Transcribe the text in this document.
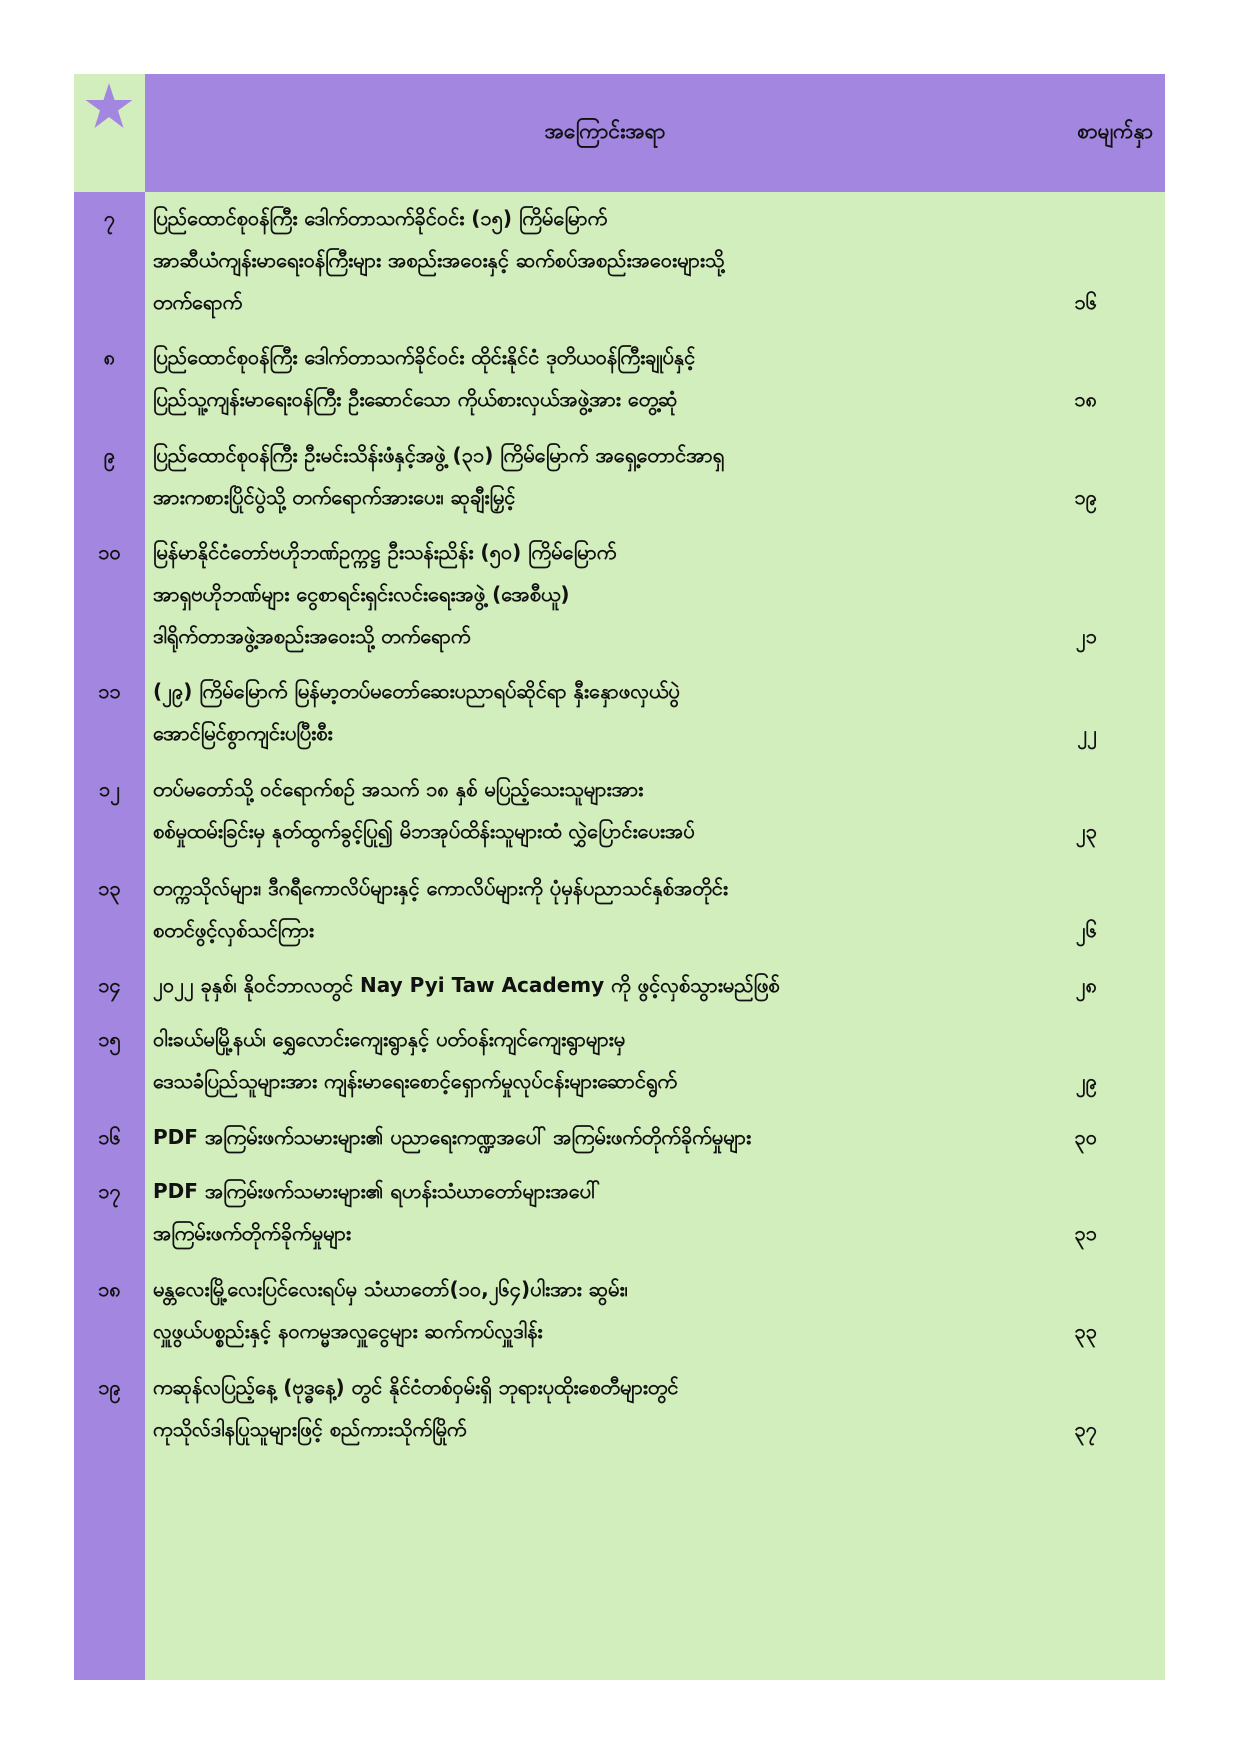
အကြောင်းအရာ	စာမျက်နှာ
၇	ပြည်ထောင်စုဝန်ကြီး ဒေါက်တာသက်ခိုင်ဝင်း (၁၅) ကြိမ်မြောက်
အာဆီယံကျန်းမာရေးဝန်ကြီးများ အစည်းအဝေးနှင့် ဆက်စပ်အစည်းအဝေးများသို့
တက်ရောက်	၁၆
၈	ပြည်ထောင်စုဝန်ကြီး ဒေါက်တာသက်ခိုင်ဝင်း ထိုင်းနိုင်ငံ ဒုတိယဝန်ကြီးချုပ်နှင့်
ပြည်သူ့ကျန်းမာရေးဝန်ကြီး ဦးဆောင်သော ကိုယ်စားလှယ်အဖွဲ့အား တွေ့ဆုံ	၁၈
၉	ပြည်ထောင်စုဝန်ကြီး ဦးမင်းသိန်းဖံနှင့်အဖွဲ့ (၃၁) ကြိမ်မြောက် အရှေ့တောင်အာရှ
အားကစားပြိုင်ပွဲသို့ တက်ရောက်အားပေး၊ ဆုချီးမြှင့်	၁၉
၁၀	မြန်မာနိုင်ငံတော်ဗဟိုဘဏ်ဥက္ကဋ္ဌ ဦးသန်းညိန်း (၅၀) ကြိမ်မြောက်
အာရှဗဟိုဘဏ်များ ငွေစာရင်းရှင်းလင်းရေးအဖွဲ့ (အေစီယူ)
ဒါရိုက်တာအဖွဲ့အစည်းအဝေးသို့ တက်ရောက်	၂၁
၁၁	(၂၉) ကြိမ်မြောက် မြန်မာ့တပ်မတော်ဆေးပညာရပ်ဆိုင်ရာ နှီးနှောဖလှယ်ပွဲ
အောင်မြင်စွာကျင်းပပြီးစီး	၂၂
၁၂	တပ်မတော်သို့ ဝင်ရောက်စဉ် အသက် ၁၈ နှစ် မပြည့်သေးသူများအား
စစ်မှုထမ်းခြင်းမှ နုတ်ထွက်ခွင့်ပြု၍ မိဘအုပ်ထိန်းသူများထံ လွှဲပြောင်းပေးအပ်	၂၃
၁၃	တက္ကသိုလ်များ၊ ဒီဂရီကောလိပ်များနှင့် ကောလိပ်များကို ပုံမှန်ပညာသင်နှစ်အတိုင်း
စတင်ဖွင့်လှစ်သင်ကြား	၂၆
၁၄	၂၀၂၂ ခုနှစ်၊ နိုဝင်ဘာလတွင် Nay Pyi Taw Academy ကို ဖွင့်လှစ်သွားမည်ဖြစ်	၂၈
၁၅	ဝါးခယ်မမြို့နယ်၊ ရွှေလောင်းကျေးရွာနှင့် ပတ်ဝန်းကျင်ကျေးရွာများမှ
ဒေသခံပြည်သူများအား ကျန်းမာရေးစောင့်ရှောက်မှုလုပ်ငန်းများဆောင်ရွက်	၂၉
၁၆	PDF အကြမ်းဖက်သမားများ၏ ပညာရေးကဏ္ဍအပေါ် အကြမ်းဖက်တိုက်ခိုက်မှုများ	၃၀
၁၇	PDF အကြမ်းဖက်သမားများ၏ ရဟန်းသံဃာတော်များအပေါ်
အကြမ်းဖက်တိုက်ခိုက်မှုများ	၃၁
၁၈	မန္တလေးမြို့လေးပြင်လေးရပ်မှ သံဃာတော်(၁၀,၂၆၄)ပါးအား ဆွမ်း၊
လှူဖွယ်ပစ္စည်းနှင့် နဝကမ္မအလှူငွေများ ဆက်ကပ်လှူဒါန်း	၃၃
၁၉	ကဆုန်လပြည့်နေ့ (ဗုဒ္ဓနေ့) တွင် နိုင်ငံတစ်ဝှမ်းရှိ ဘုရားပုထိုးစေတီများတွင်
ကုသိုလ်ဒါနပြုသူများဖြင့် စည်ကားသိုက်မြိုက်	၃၇
